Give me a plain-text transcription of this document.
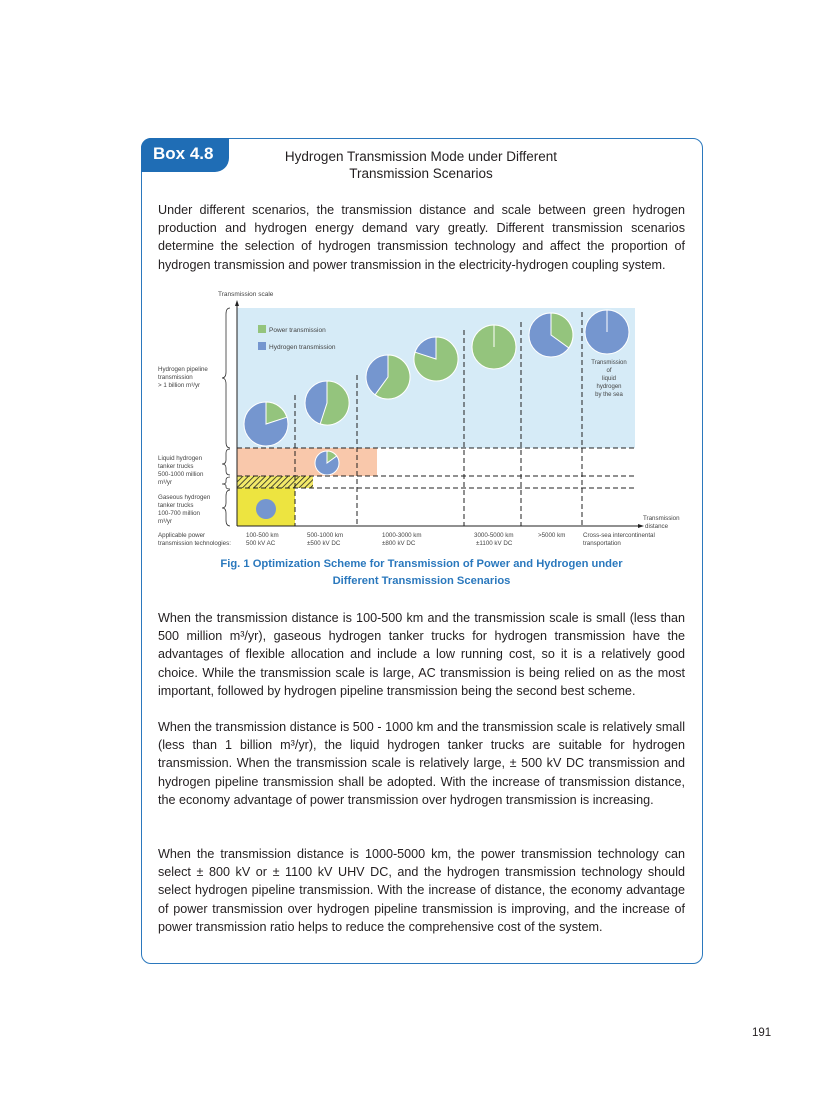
Box 4.8	Hydrogen Transmission Mode under Different
Transmission Scenarios

Under different scenarios, the transmission distance and scale between green hydrogen production and hydrogen energy demand vary greatly. Different transmission scenarios determine the selection of hydrogen transmission technology and affect the proportion of hydrogen transmission and power transmission in the electricity-hydrogen coupling system.

Transmission scale
Transmission
distance
Power transmission
Hydrogen transmission
Transmission
of
liquid
hydrogen
by the sea
Hydrogen pipeline
transmission
> 1 billion m³/yr
Liquid hydrogen
tanker trucks
500-1000 million
m³/yr
Gaseous hydrogen
tanker trucks
100-700 million
m³/yr
Applicable power
transmission technologies:
100-500 km
500 kV AC
500-1000 km
±500 kV DC
1000-3000 km
±800 kV DC
3000-5000 km
±1100 kV DC
>5000 km	Cross-sea intercontinental
transportation
Fig. 1 Optimization Scheme for Transmission of Power and Hydrogen under
Different Transmission Scenarios

When the transmission distance is 100-500 km and the transmission scale is small (less than 500 million m³/yr), gaseous hydrogen tanker trucks for hydrogen transmission have the advantages of flexible allocation and include a low running cost, so it is a relatively good choice. While the transmission scale is large, AC transmission is being relied on as the most important, followed by hydrogen pipeline transmission being the second best scheme.

When the transmission distance is 500 - 1000 km and the transmission scale is relatively small (less than 1 billion m³/yr), the liquid hydrogen tanker trucks are suitable for hydrogen transmission. When the transmission scale is relatively large, ± 500 kV DC transmission and hydrogen pipeline transmission shall be adopted. With the increase of transmission distance, the economy advantage of power transmission over hydrogen transmission is increasing.

When the transmission distance is 1000-5000 km, the power transmission technology can select ± 800 kV or ± 1100 kV UHV DC, and the hydrogen transmission technology should select hydrogen pipeline transmission. With the increase of distance, the economy advantage of power transmission over hydrogen pipeline transmission is improving, and the increase of power transmission ratio helps to reduce the comprehensive cost of the system.

191
